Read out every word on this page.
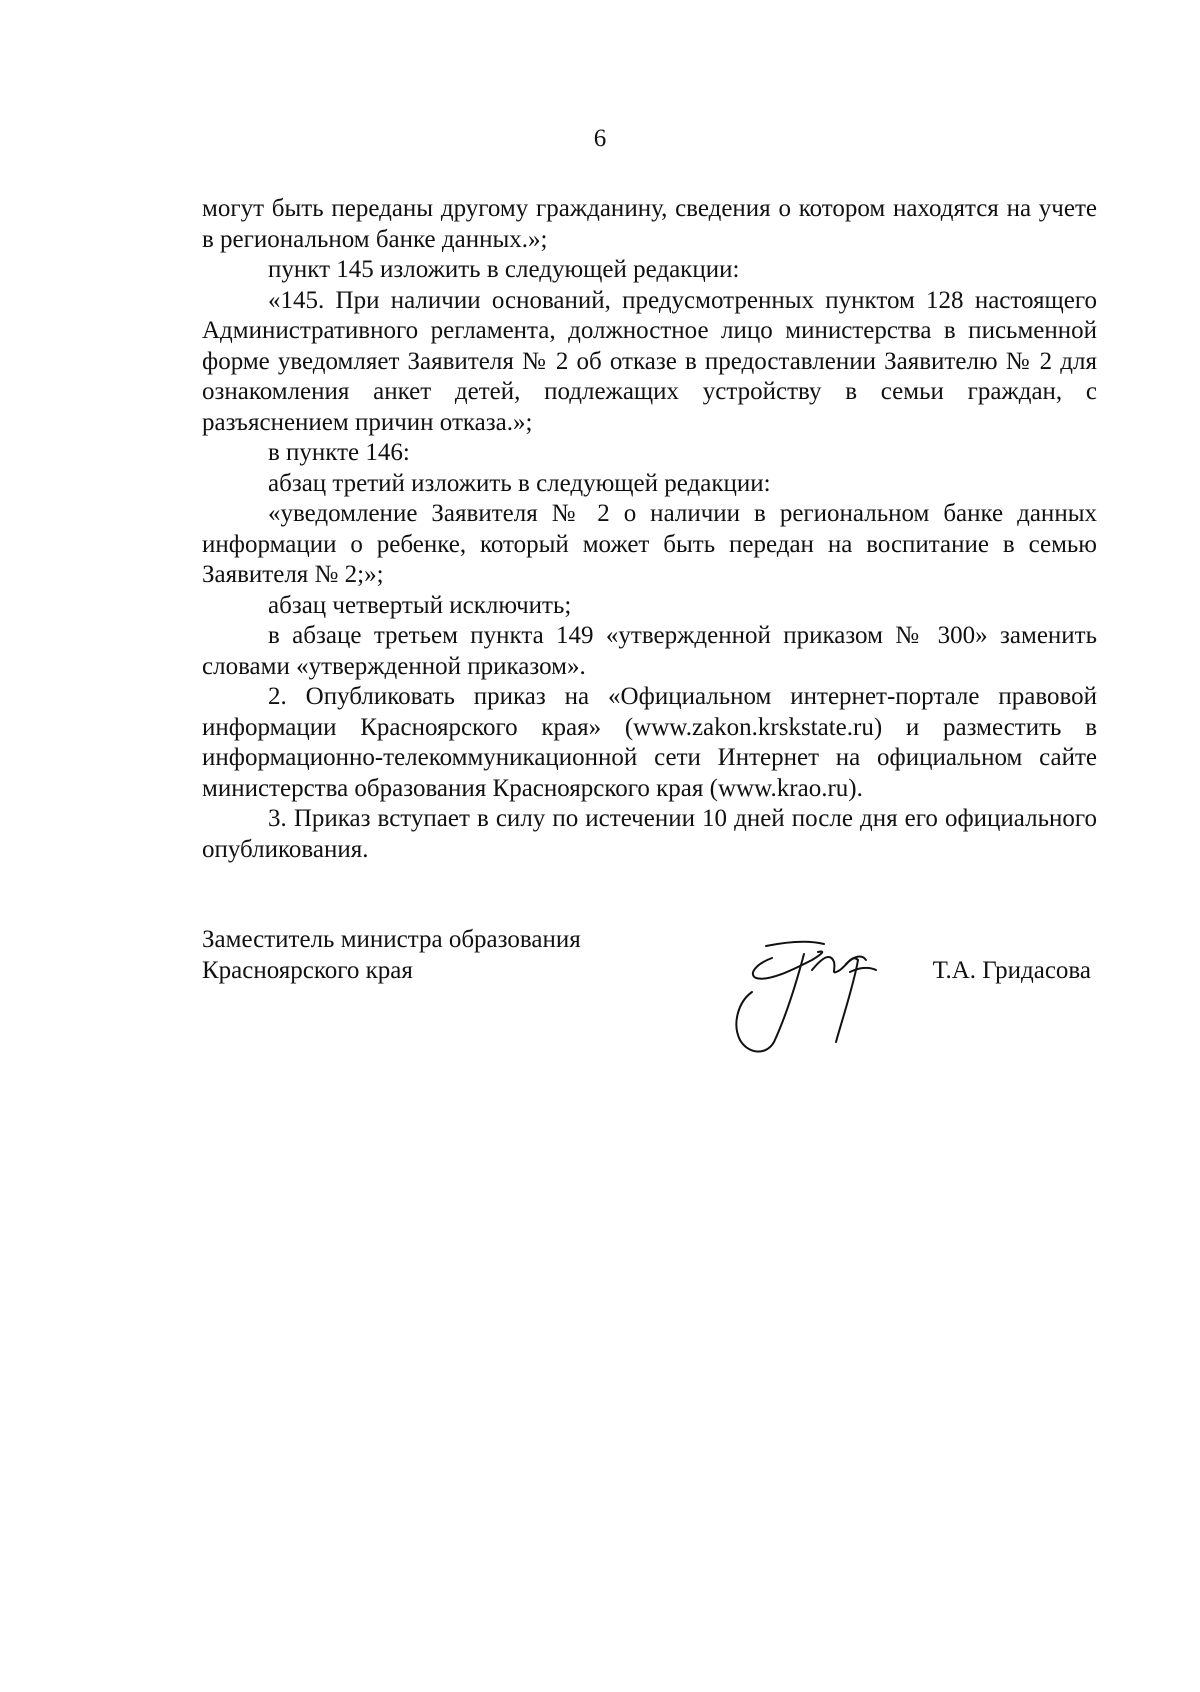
6

могут быть переданы другому гражданину, сведения о котором находятся на учете в региональном банке данных.»;

пункт 145 изложить в следующей редакции:

«145. При наличии оснований, предусмотренных пунктом 128 настоящего Административного регламента, должностное лицо министерства в письменной форме уведомляет Заявителя № 2 об отказе в предоставлении Заявителю № 2 для ознакомления анкет детей, подлежащих устройству в семьи граждан, с разъяснением причин отказа.»;

в пункте 146:

абзац третий изложить в следующей редакции:

«уведомление Заявителя № 2 о наличии в региональном банке данных информации о ребенке, который может быть передан на воспитание в семью Заявителя № 2;»;

абзац четвертый исключить;

в абзаце третьем пункта 149 «утвержденной приказом № 300» заменить словами «утвержденной приказом».

2. Опубликовать приказ на «Официальном интернет-портале правовой информации Красноярского края» (www.zakon.krskstate.ru) и разместить в информационно-телекоммуникационной сети Интернет на официальном сайте министерства образования Красноярского края (www.krao.ru).

3. Приказ вступает в силу по истечении 10 дней после дня его официального опубликования.

Заместитель министра образования
Красноярского края	Т.А. Гридасова
